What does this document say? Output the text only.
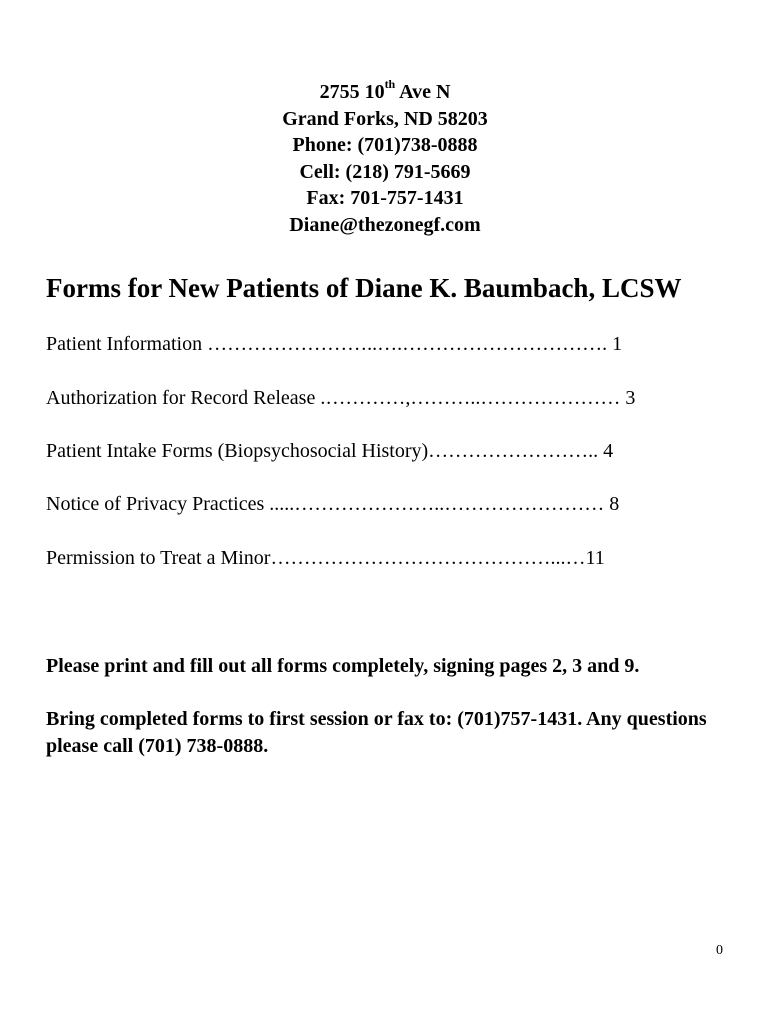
2755 10th Ave N
Grand Forks, ND 58203
Phone: (701)738-0888
Cell: (218) 791-5669
Fax: 701-757-1431
Diane@thezonegf.com
Forms for New Patients of Diane K. Baumbach, LCSW
Patient Information ……………………..….…………………………. 1
Authorization for Record Release .…………,………..………………… 3
Patient Intake Forms (Biopsychosocial History)…………………….. 4
Notice of Privacy Practices .....…………………..…………………… 8
Permission to Treat a Minor……………………………………...…11
Please print and fill out all forms completely, signing pages 2, 3 and 9.
Bring completed forms to first session or fax to: (701)757-1431. Any questions please call (701) 738-0888.
0
